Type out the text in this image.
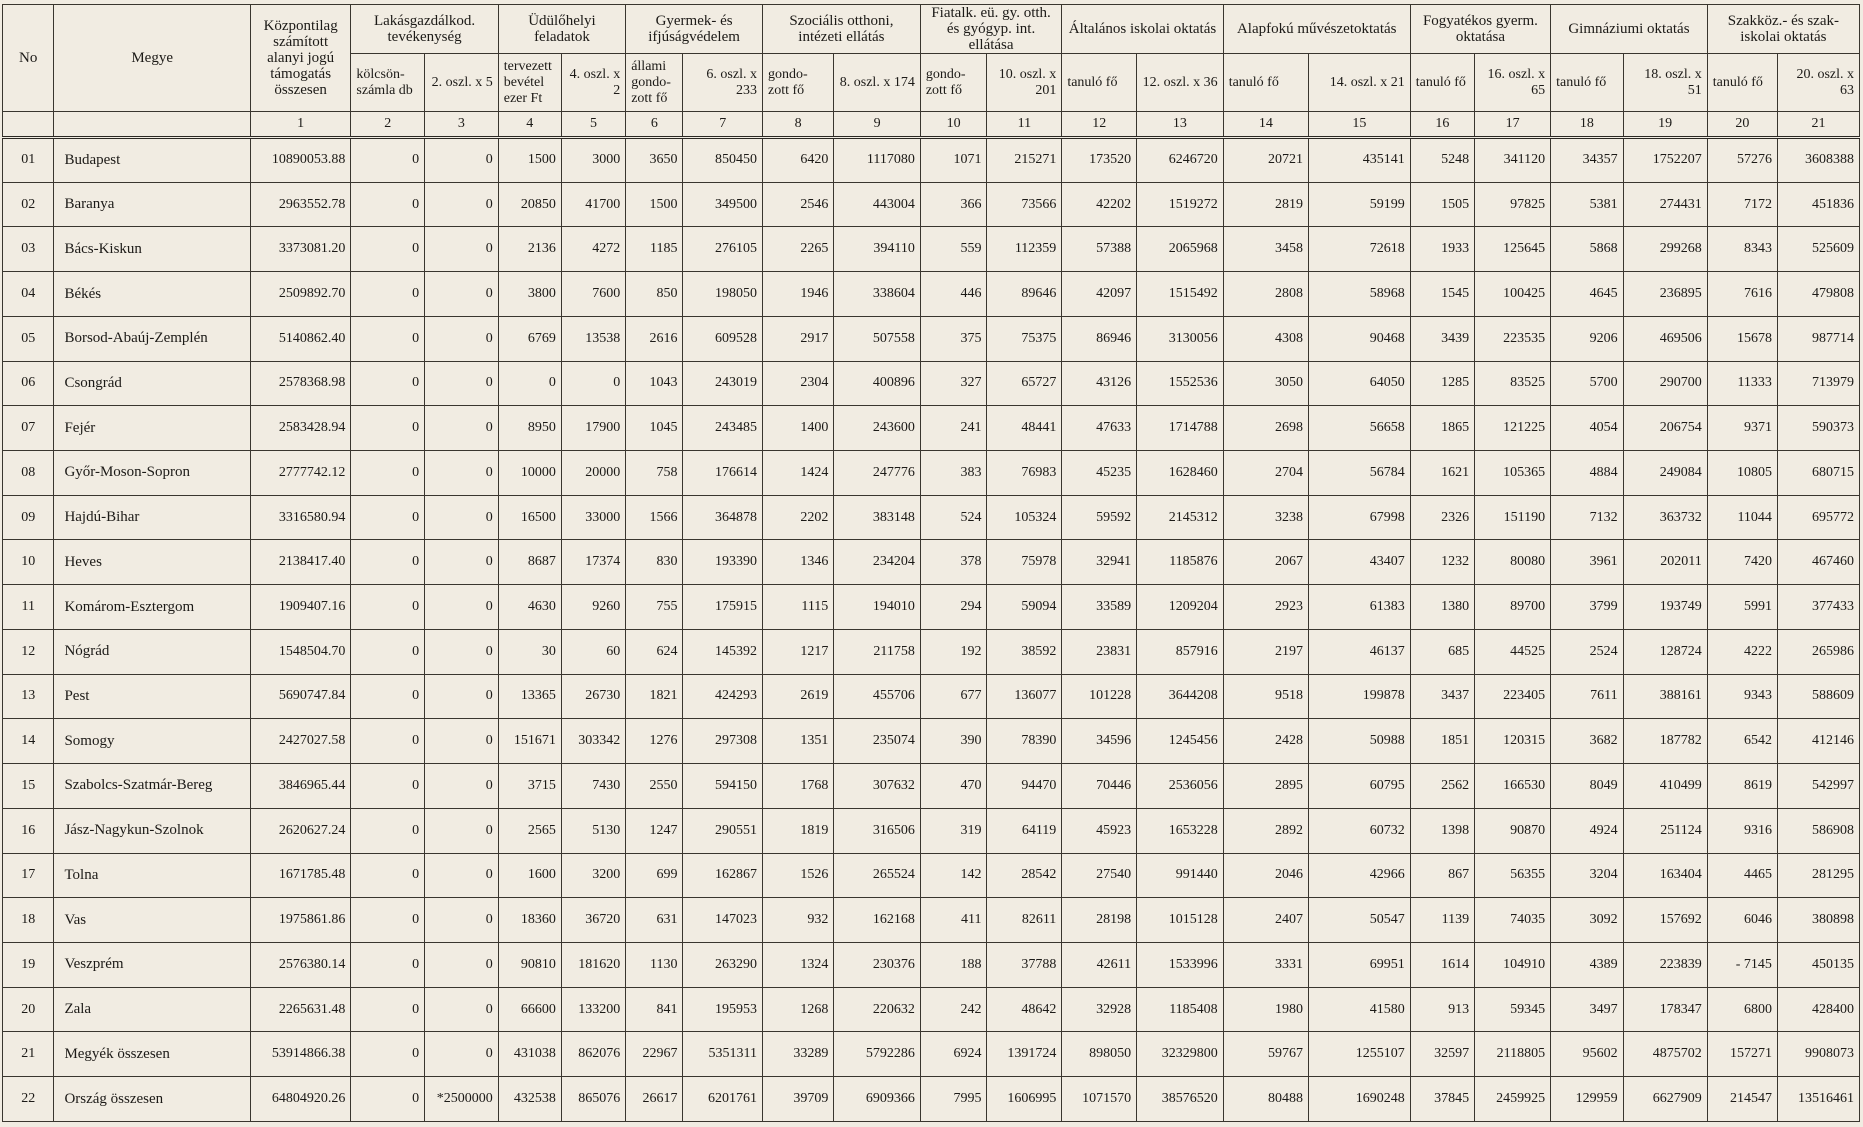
No	Megye	Központilag számított alanyi jogú támogatás összesen	Lakásgazdálkod. tevékenység		Üdülőhelyi feladatok		Gyermek- és ifjúságvédelem		Szociális otthoni, intézeti ellátás		Fiatalk. eü. gy. otth. és gyógyp. int. ellátása		Általános iskolai oktatás		Alapfokú művészetoktatás		Fogyatékos gyerm. oktatása		Gimnáziumi oktatás		Szakköz.- és szak- iskolai oktatás	
			kölcsön- számla db	2. oszl. x 5	tervezett bevétel ezer Ft	4. oszl. x 2	állami gondo- zott fő	6. oszl. x 233	gondo- zott fő	8. oszl. x 174	gondo- zott fő	10. oszl. x 201	tanuló fő	12. oszl. x 36	tanuló fő	14. oszl. x 21	tanuló fő	16. oszl. x 65	tanuló fő	18. oszl. x 51	tanuló fő	20. oszl. x 63
		1	2	3	4	5	6	7	8	9	10	11	12	13	14	15	16	17	18	19	20	21
01	Budapest	10890053.88	0	0	1500	3000	3650	850450	6420	1117080	1071	215271	173520	6246720	20721	435141	5248	341120	34357	1752207	57276	3608388
02	Baranya	2963552.78	0	0	20850	41700	1500	349500	2546	443004	366	73566	42202	1519272	2819	59199	1505	97825	5381	274431	7172	451836
03	Bács-Kiskun	3373081.20	0	0	2136	4272	1185	276105	2265	394110	559	112359	57388	2065968	3458	72618	1933	125645	5868	299268	8343	525609
04	Békés	2509892.70	0	0	3800	7600	850	198050	1946	338604	446	89646	42097	1515492	2808	58968	1545	100425	4645	236895	7616	479808
05	Borsod-Abaúj-Zemplén	5140862.40	0	0	6769	13538	2616	609528	2917	507558	375	75375	86946	3130056	4308	90468	3439	223535	9206	469506	15678	987714
06	Csongrád	2578368.98	0	0	0	0	1043	243019	2304	400896	327	65727	43126	1552536	3050	64050	1285	83525	5700	290700	11333	713979
07	Fejér	2583428.94	0	0	8950	17900	1045	243485	1400	243600	241	48441	47633	1714788	2698	56658	1865	121225	4054	206754	9371	590373
08	Győr-Moson-Sopron	2777742.12	0	0	10000	20000	758	176614	1424	247776	383	76983	45235	1628460	2704	56784	1621	105365	4884	249084	10805	680715
09	Hajdú-Bihar	3316580.94	0	0	16500	33000	1566	364878	2202	383148	524	105324	59592	2145312	3238	67998	2326	151190	7132	363732	11044	695772
10	Heves	2138417.40	0	0	8687	17374	830	193390	1346	234204	378	75978	32941	1185876	2067	43407	1232	80080	3961	202011	7420	467460
11	Komárom-Esztergom	1909407.16	0	0	4630	9260	755	175915	1115	194010	294	59094	33589	1209204	2923	61383	1380	89700	3799	193749	5991	377433
12	Nógrád	1548504.70	0	0	30	60	624	145392	1217	211758	192	38592	23831	857916	2197	46137	685	44525	2524	128724	4222	265986
13	Pest	5690747.84	0	0	13365	26730	1821	424293	2619	455706	677	136077	101228	3644208	9518	199878	3437	223405	7611	388161	9343	588609
14	Somogy	2427027.58	0	0	151671	303342	1276	297308	1351	235074	390	78390	34596	1245456	2428	50988	1851	120315	3682	187782	6542	412146
15	Szabolcs-Szatmár-Bereg	3846965.44	0	0	3715	7430	2550	594150	1768	307632	470	94470	70446	2536056	2895	60795	2562	166530	8049	410499	8619	542997
16	Jász-Nagykun-Szolnok	2620627.24	0	0	2565	5130	1247	290551	1819	316506	319	64119	45923	1653228	2892	60732	1398	90870	4924	251124	9316	586908
17	Tolna	1671785.48	0	0	1600	3200	699	162867	1526	265524	142	28542	27540	991440	2046	42966	867	56355	3204	163404	4465	281295
18	Vas	1975861.86	0	0	18360	36720	631	147023	932	162168	411	82611	28198	1015128	2407	50547	1139	74035	3092	157692	6046	380898
19	Veszprém	2576380.14	0	0	90810	181620	1130	263290	1324	230376	188	37788	42611	1533996	3331	69951	1614	104910	4389	223839	- 7145	450135
20	Zala	2265631.48	0	0	66600	133200	841	195953	1268	220632	242	48642	32928	1185408	1980	41580	913	59345	3497	178347	6800	428400
21	Megyék összesen	53914866.38	0	0	431038	862076	22967	5351311	33289	5792286	6924	1391724	898050	32329800	59767	1255107	32597	2118805	95602	4875702	157271	9908073
22	Ország összesen	64804920.26	0	*2500000	432538	865076	26617	6201761	39709	6909366	7995	1606995	1071570	38576520	80488	1690248	37845	2459925	129959	6627909	214547	13516461
